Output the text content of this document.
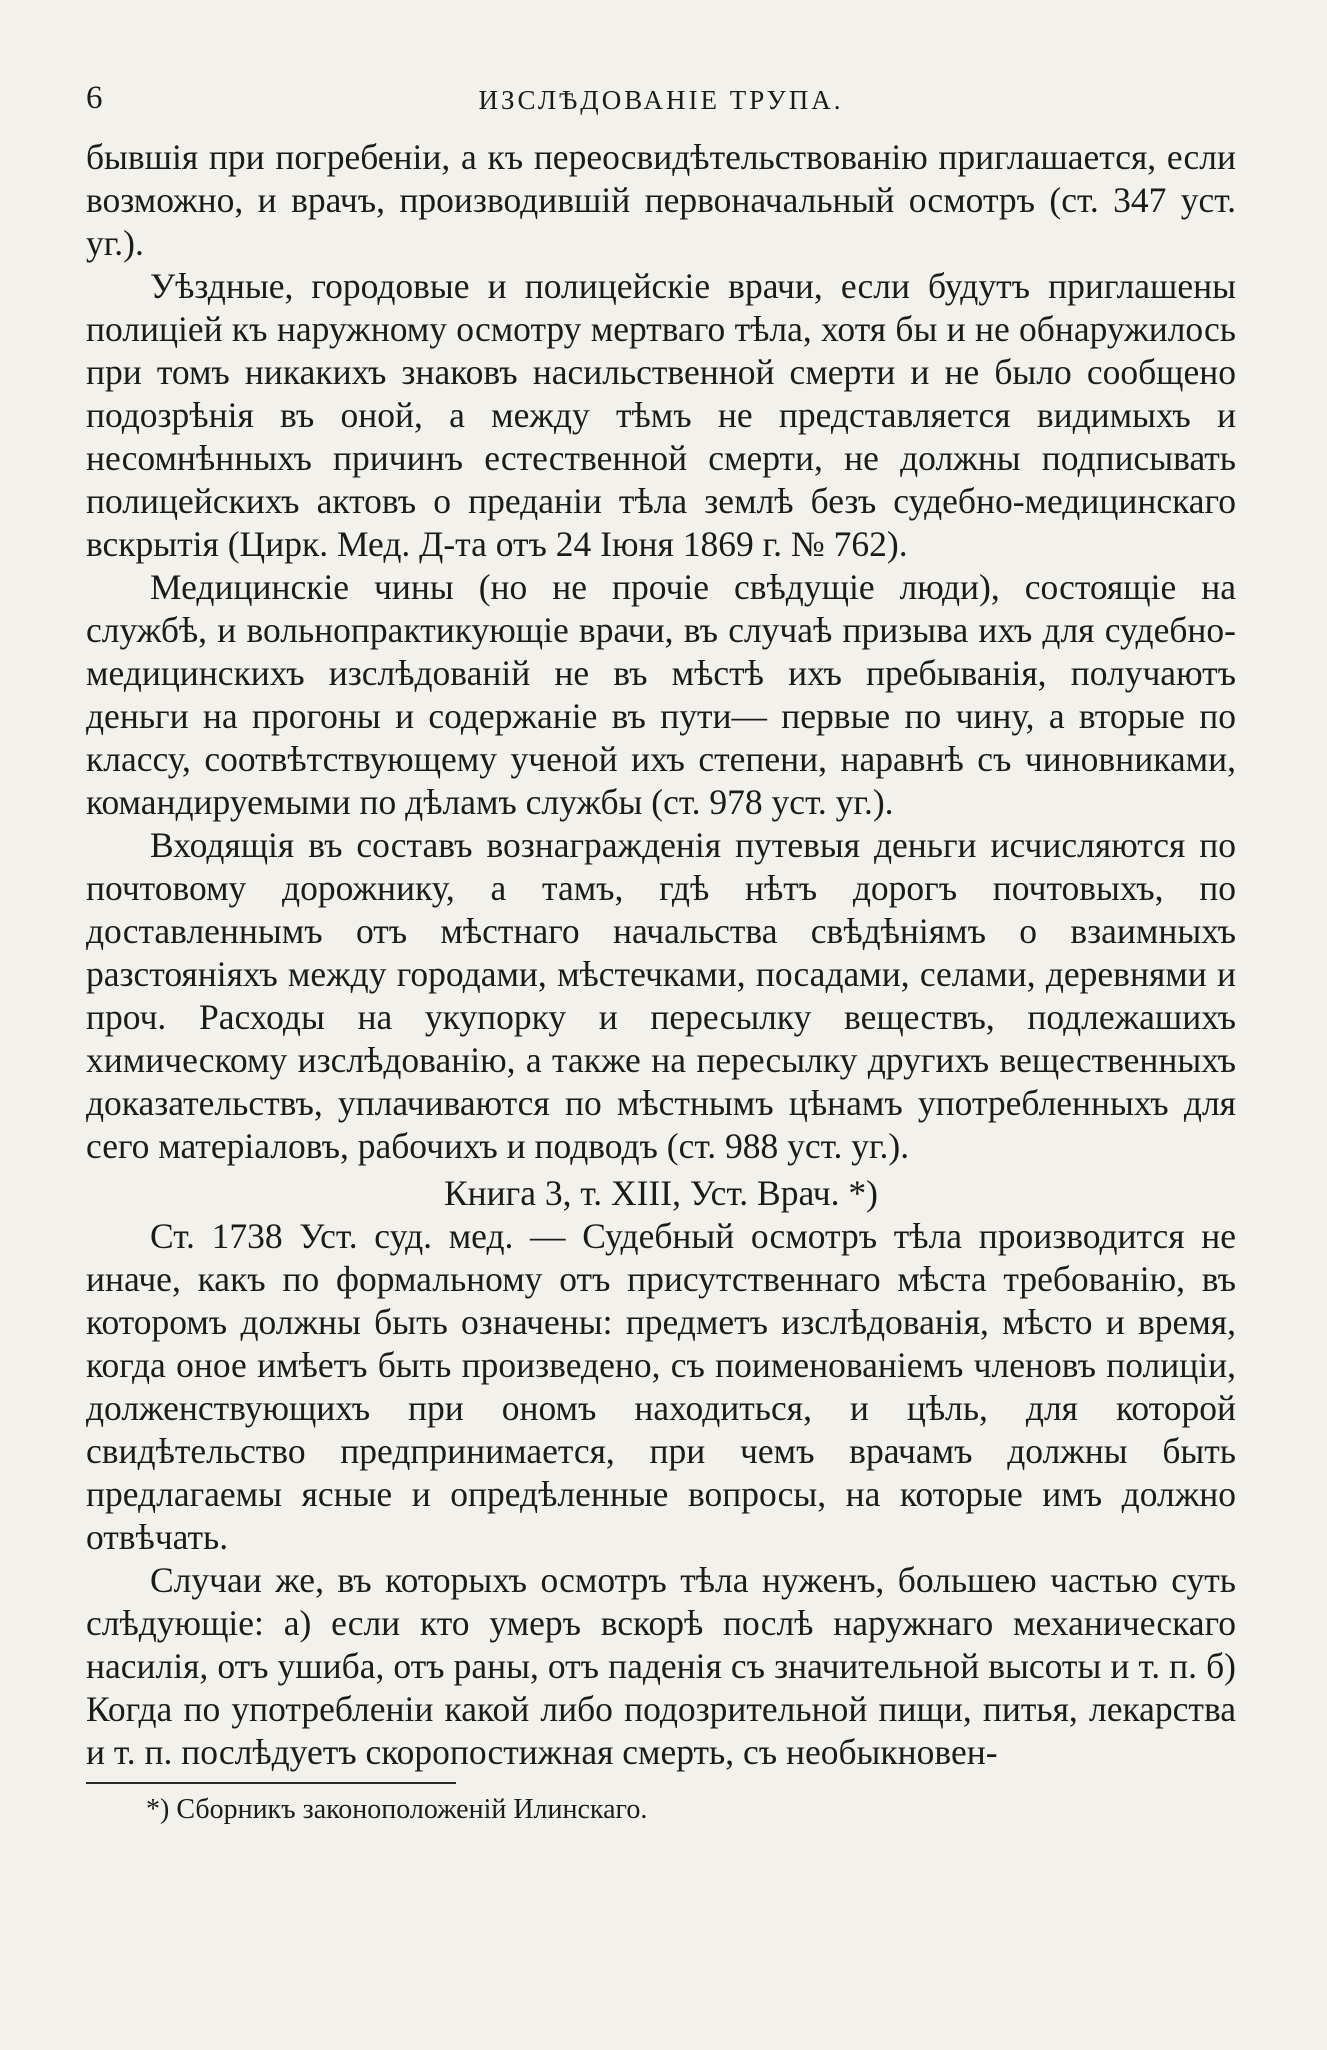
6	ИЗСЛѢДОВАНІЕ ТРУПА.

бывшія при погребеніи, а къ переосвидѣтельствованію приглашается, если возможно, и врачъ, производившій первоначальный осмотръ (ст. 347 уст. уг.).

Уѣздные, городовые и полицейскіе врачи, если будутъ приглашены полиціей къ наружному осмотру мертваго тѣла, хотя бы и не обнаружилось при томъ никакихъ знаковъ насильственной смерти и не было сообщено подозрѣнія въ оной, а между тѣмъ не представляется видимыхъ и несомнѣнныхъ причинъ естественной смерти, не должны подписывать полицейскихъ актовъ о преданіи тѣла землѣ безъ судебно-медицинскаго вскрытія (Цирк. Мед. Д-та отъ 24 Іюня 1869 г. № 762).

Медицинскіе чины (но не прочіе свѣдущіе люди), состоящіе на службѣ, и вольнопрактикующіе врачи, въ случаѣ призыва ихъ для судебно-медицинскихъ изслѣдованій не въ мѣстѣ ихъ пребыванія, получаютъ деньги на прогоны и содержаніе въ пути— первые по чину, а вторые по классу, соотвѣтствующему ученой ихъ степени, наравнѣ съ чиновниками, командируемыми по дѣламъ службы (ст. 978 уст. уг.).

Входящія въ составъ вознагражденія путевыя деньги исчисляются по почтовому дорожнику, а тамъ, гдѣ нѣтъ дорогъ почтовыхъ, по доставленнымъ отъ мѣстнаго начальства свѣдѣніямъ о взаимныхъ разстояніяхъ между городами, мѣстечками, посадами, селами, деревнями и проч. Расходы на укупорку и пересылку веществъ, подлежашихъ химическому изслѣдованію, а также на пересылку другихъ вещественныхъ доказательствъ, уплачиваются по мѣстнымъ цѣнамъ употребленныхъ для сего матеріаловъ, рабочихъ и подводъ (ст. 988 уст. уг.).

Книга 3, т. XIII, Уст. Врач. *)

Ст. 1738 Уст. суд. мед. — Судебный осмотръ тѣла производится не иначе, какъ по формальному отъ присутственнаго мѣста требованію, въ которомъ должны быть означены: предметъ изслѣдованія, мѣсто и время, когда оное имѣетъ быть произведено, съ поименованіемъ членовъ полиціи, долженствующихъ при ономъ находиться, и цѣль, для которой свидѣтельство предпринимается, при чемъ врачамъ должны быть предлагаемы ясные и опредѣленные вопросы, на которые имъ должно отвѣчать.

Случаи же, въ которыхъ осмотръ тѣла нуженъ, большею частью суть слѣдующіе: а) если кто умеръ вскорѣ послѣ наружнаго механическаго насилія, отъ ушиба, отъ раны, отъ паденія съ значительной высоты и т. п. б) Когда по употребленіи какой либо подозрительной пищи, питья, лекарства и т. п. послѣдуетъ скоропостижная смерть, съ необыкновен-

*) Сборникъ законоположеній Илинскаго.
